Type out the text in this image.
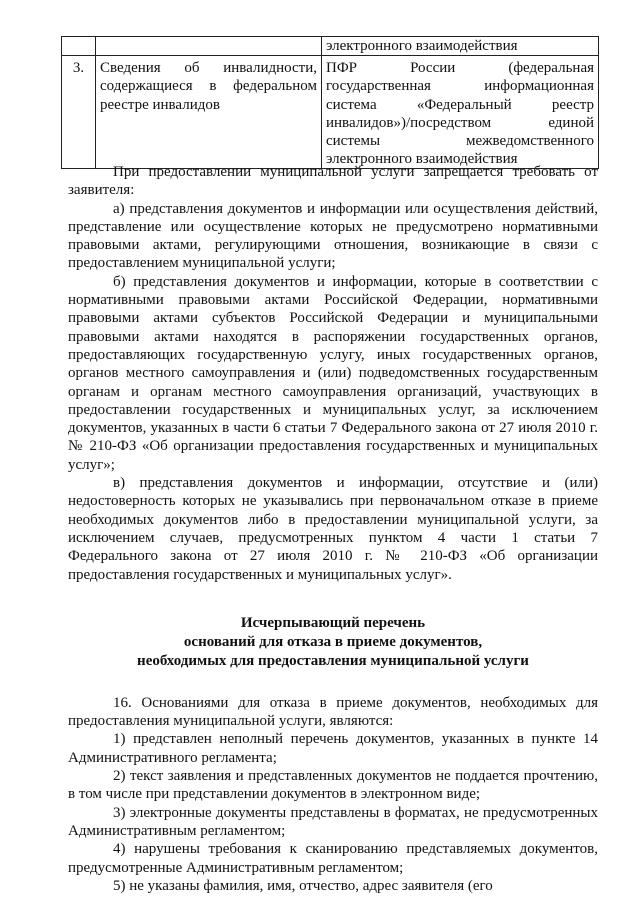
		электронного взаимодействия

3.	Сведения об инвалидности, содержащиеся в федеральном реестре инвалидов	ПФР России (федеральная государственная информационная система «Федеральный реестр инвалидов»)/посредством единой системы межведомственного электронного взаимодействия

При предоставлении муниципальной услуги запрещается требовать от заявителя:

а) представления документов и информации или осуществления действий, представление или осуществление которых не предусмотрено нормативными правовыми актами, регулирующими отношения, возникающие в связи с предоставлением муниципальной услуги;

б) представления документов и информации, которые в соответствии с нормативными правовыми актами Российской Федерации, нормативными правовыми актами субъектов Российской Федерации и муниципальными правовыми актами находятся в распоряжении государственных органов, предоставляющих государственную услугу, иных государственных органов, органов местного самоуправления и (или) подведомственных государственным органам и органам местного самоуправления организаций, участвующих в предоставлении государственных и муниципальных услуг, за исключением документов, указанных в части 6 статьи 7 Федерального закона от 27 июля 2010 г. № 210-ФЗ «Об организации предоставления государственных и муниципальных услуг»;

в) представления документов и информации, отсутствие и (или) недостоверность которых не указывались при первоначальном отказе в приеме необходимых документов либо в предоставлении муниципальной услуги, за исключением случаев, предусмотренных пунктом 4 части 1 статьи 7 Федерального закона от 27 июля 2010 г. № 210-ФЗ «Об организации предоставления государственных и муниципальных услуг».

Исчерпывающий перечень

оснований для отказа в приеме документов,

необходимых для предоставления муниципальной услуги

16. Основаниями для отказа в приеме документов, необходимых для предоставления муниципальной услуги, являются:

1) представлен неполный перечень документов, указанных в пункте 14 Административного регламента;

2) текст заявления и представленных документов не поддается прочтению, в том числе при представлении документов в электронном виде;

3) электронные документы представлены в форматах, не предусмотренных Административным регламентом;

4) нарушены требования к сканированию представляемых документов, предусмотренные Административным регламентом;

5) не указаны фамилия, имя, отчество, адрес заявителя (его
